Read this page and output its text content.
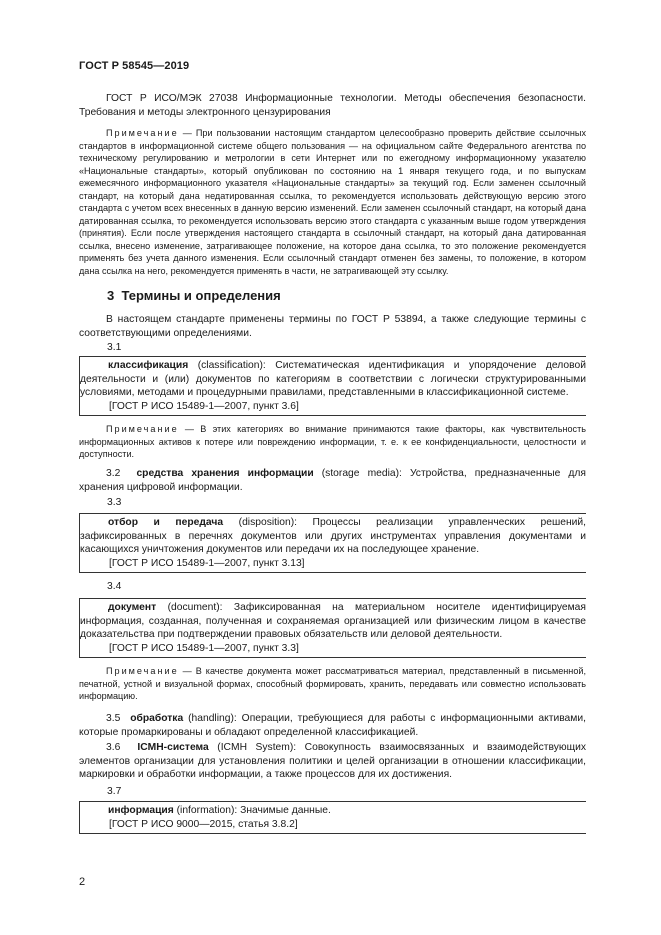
ГОСТ Р 58545—2019

ГОСТ Р ИСО/МЭК 27038 Информационные технологии. Методы обеспечения безопасности. Требования и методы электронного цензурирования

Примечание — При пользовании настоящим стандартом целесообразно проверить действие ссылочных стандартов в информационной системе общего пользования — на официальном сайте Федерального агентства по техническому регулированию и метрологии в сети Интернет или по ежегодному информационному указателю «Национальные стандарты», который опубликован по состоянию на 1 января текущего года, и по выпускам ежемесячного информационного указателя «Национальные стандарты» за текущий год. Если заменен ссылочный стандарт, на который дана недатированная ссылка, то рекомендуется использовать действующую версию этого стандарта с учетом всех внесенных в данную версию изменений. Если заменен ссылочный стандарт, на который дана датированная ссылка, то рекомендуется использовать версию этого стандарта с указанным выше годом утверждения (принятия). Если после утверждения настоящего стандарта в ссылочный стандарт, на который дана датированная ссылка, внесено изменение, затрагивающее положение, на которое дана ссылка, то это положение рекомендуется применять без учета данного изменения. Если ссылочный стандарт отменен без замены, то положение, в котором дана ссылка на него, рекомендуется применять в части, не затрагивающей эту ссылку.

3 Термины и определения

В настоящем стандарте применены термины по ГОСТ Р 53894, а также следующие термины с соответствующими определениями.

3.1

классификация (classification): Систематическая идентификация и упорядочение деловой деятельности и (или) документов по категориям в соответствии с логически структурированными условиями, методами и процедурными правилами, представленными в классификационной системе.

[ГОСТ Р ИСО 15489-1—2007, пункт 3.6]

Примечание — В этих категориях во внимание принимаются такие факторы, как чувствительность информационных активов к потере или повреждению информации, т. е. к ее конфиденциальности, целостности и доступности.

3.2 средства хранения информации (storage media): Устройства, предназначенные для хранения цифровой информации.

3.3

отбор и передача (disposition): Процессы реализации управленческих решений, зафиксированных в перечнях документов или других инструментах управления документами и касающихся уничтожения документов или передачи их на последующее хранение.

[ГОСТ Р ИСО 15489-1—2007, пункт 3.13]

3.4

документ (document): Зафиксированная на материальном носителе идентифицируемая информация, созданная, полученная и сохраняемая организацией или физическим лицом в качестве доказательства при подтверждении правовых обязательств или деловой деятельности.

[ГОСТ Р ИСО 15489-1—2007, пункт 3.3]

Примечание — В качестве документа может рассматриваться материал, представленный в письменной, печатной, устной и визуальной формах, способный формировать, хранить, передавать или совместно использовать информацию.

3.5 обработка (handling): Операции, требующиеся для работы с информационными активами, которые промаркированы и обладают определенной классификацией.

3.6 ICMH-система (ICMH System): Совокупность взаимосвязанных и взаимодействующих элементов организации для установления политики и целей организации в отношении классификации, маркировки и обработки информации, а также процессов для их достижения.

3.7

информация (information): Значимые данные.

[ГОСТ Р ИСО 9000—2015, статья 3.8.2]

2
